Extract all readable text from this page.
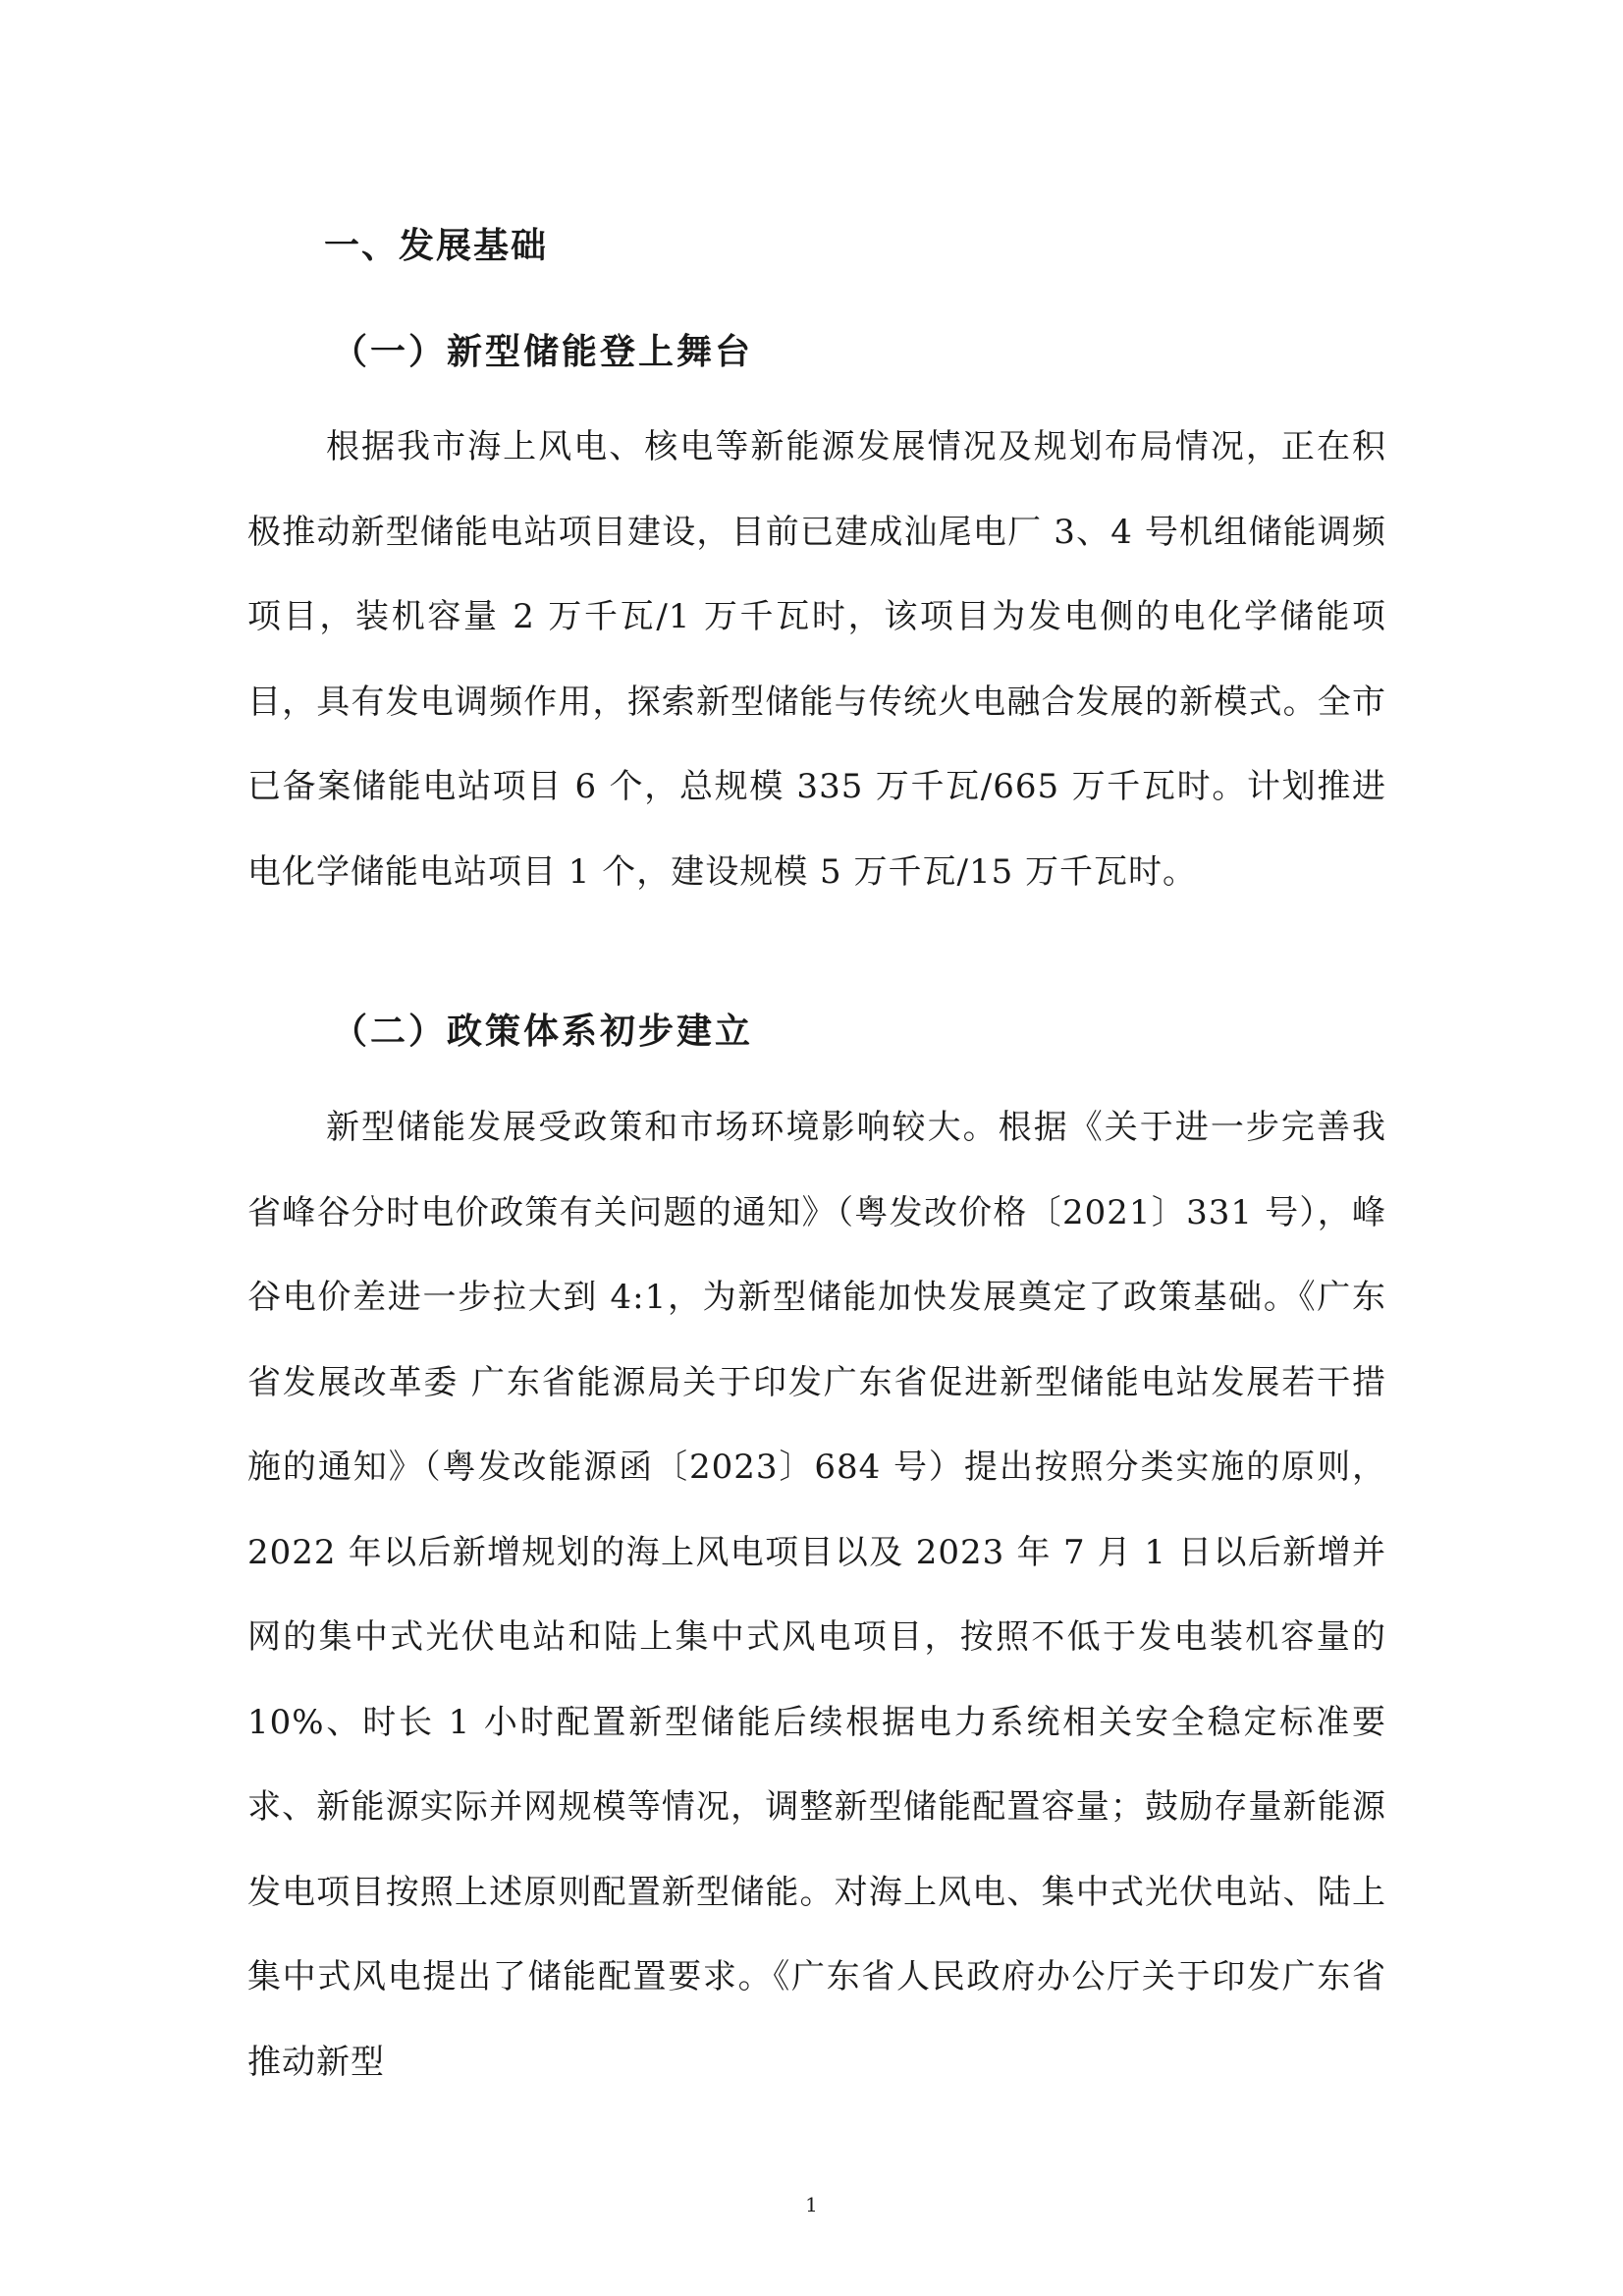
一、发展基础
（一）新型储能登上舞台

根据我市海上风电、核电等新能源发展情况及规划布局情况，正在积极推动新型储能电站项目建设，目前已建成汕尾电厂 3、4 号机组储能调频项目，装机容量 2 万千瓦/1 万千瓦时，该项目为发电侧的电化学储能项目，具有发电调频作用，探索新型储能与传统火电融合发展的新模式。全市已备案储能电站项目 6 个，总规模 335 万千瓦/665 万千瓦时。计划推进电化学储能电站项目 1 个，建设规模 5 万千瓦/15 万千瓦时。

（二）政策体系初步建立

新型储能发展受政策和市场环境影响较大。根据《关于进一步完善我省峰谷分时电价政策有关问题的通知》（粤发改价格〔2021〕331 号），峰谷电价差进一步拉大到 4:1，为新型储能加快发展奠定了政策基础。《广东省发展改革委 广东省能源局关于印发广东省促进新型储能电站发展若干措施的通知》（粤发改能源函〔2023〕684 号）提出按照分类实施的原则，2022 年以后新增规划的海上风电项目以及 2023 年 7 月 1 日以后新增并网的集中式光伏电站和陆上集中式风电项目，按照不低于发电装机容量的 10%、时长 1 小时配置新型储能后续根据电力系统相关安全稳定标准要求、新能源实际并网规模等情况，调整新型储能配置容量；鼓励存量新能源发电项目按照上述原则配置新型储能。对海上风电、集中式光伏电站、陆上集中式风电提出了储能配置要求。《广东省人民政府办公厅关于印发广东省推动新型

1
